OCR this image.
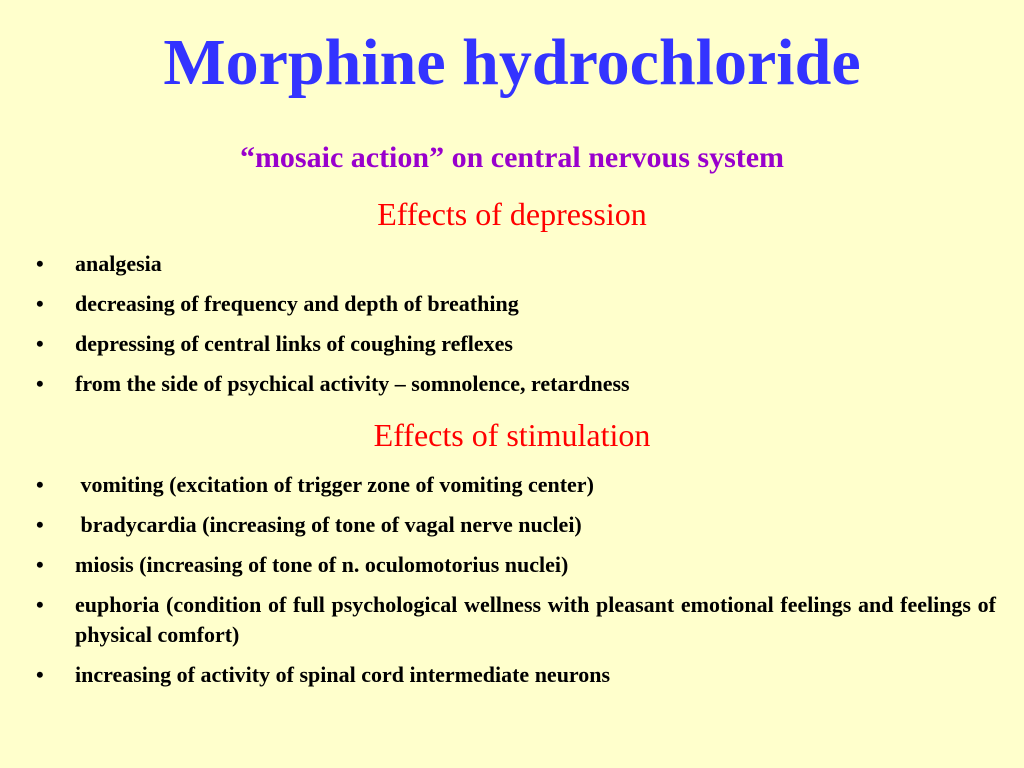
Morphine hydrochloride
“mosaic action” on central nervous system
Effects of depression
• analgesia
• decreasing of frequency and depth of breathing
• depressing of central links of coughing reflexes
• from the side of psychical activity – somnolence, retardness
Effects of stimulation
• vomiting (excitation of trigger zone of vomiting center)
• bradycardia (increasing of tone of vagal nerve nuclei)
• miosis (increasing of tone of n. oculomotorius nuclei)
• euphoria (condition of full psychological wellness with pleasant emotional feelings and feelings of physical comfort)
• increasing of activity of spinal cord intermediate neurons
